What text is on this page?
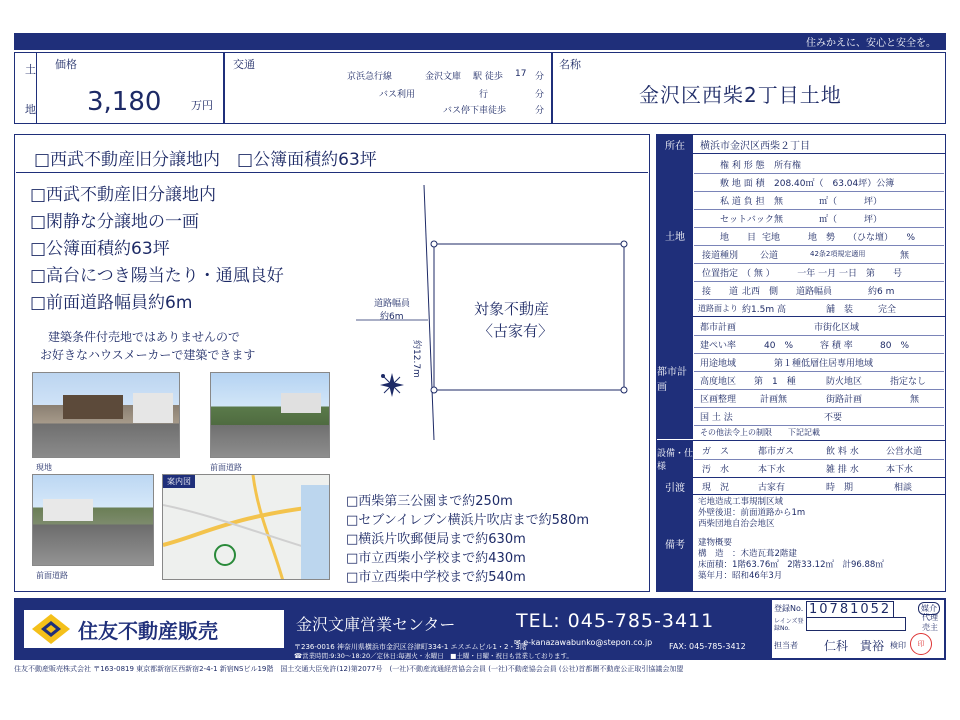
住みかえに、安心と安全を。
土
地
価格
3,180	万円
交通
京浜急行線	金沢文庫 駅 徒歩 17 分
バス利用	行	分
バス停下車徒歩	分
名称
金沢区西柴2丁目土地
□西武不動産旧分譲地内　□公簿面積約63坪
□西武不動産旧分譲地内
□閑静な分譲地の一画
□公簿面積約63坪
□高台につき陽当たり・通風良好
□前面道路幅員約6m
建築条件付売地ではありませんので
お好きなハウスメーカーで建築できます
道路幅員
約6m	対象不動産
〈古家有〉
約12.7m
現地	前面道路
前面道路
案内図
□西柴第三公園まで約250m
□セブンイレブン横浜片吹店まで約580m
□横浜片吹郵便局まで約630m
□市立西柴小学校まで約430m
□市立西柴中学校まで約540m
所在	横浜市金沢区西柴２丁目
土地
権 利 形 態	所有権
敷 地 面 積	208.40㎡（　63.04坪）公簿
私 道 負 担	無　　　　㎡（　　　坪）
セットバック 無　　　　㎡（　　　坪）
地　　目 宅地	地　勢	（ひな壇）　　%
接道種別	公道	42条2項規定適用	無
位置指定 （ 無 ）　　　一年 一月 一日　第　　号
接　　道 北西　側　　道路幅員　　　　約6 m
道路面より 約1.5m 高	舗　装	完全
都市計画
都市計画	市街化区域
建ぺい率	40　%	容 積 率	80　%
用途地域	第１種低層住居専用地域
高度地区	第　1　種	防火地区	指定なし
区画整理	計画無	街路計画	無
国 土 法	不要
その他法令上の制限	下記記載
設備・仕様
ガ　ス	都市ガス	飲 料 水	公営水道
汚　水	本下水	雑 排 水	本下水
引渡	現　況	古家有	時　期	相談
備考
宅地造成工事規制区域
外壁後退：前面道路から1m
西柴団地自治会地区
建物概要
構　造　：木造瓦葺2階建
床面積：1階63.76㎡　2階33.12㎡　計96.88㎡
築年月：昭和46年3月
住友不動産販売	金沢文庫営業センター	TEL: 045-785-3411
〒236-0016 神奈川県横浜市金沢区谷津町334-1 エスエムビル1・2・3階
☎営業時間:9:30〜18:20／定休日:毎週火・水曜日　■土曜・日曜・祝日も営業しております。
✉ e-kanazawabunko@stepon.co.jp FAX: 045-785-3412
登録No. 10781052
レインズ登録No.
担当者 仁科　貴裕 検印	印
媒介
代理
売主
住友不動産販売株式会社 〒163-0819 東京都新宿区西新宿2-4-1 新宿NSビル19階　国土交通大臣免許(12)第2077号　(一社)不動産流通経営協会会員 (一社)不動産協会会員 (公社)首都圏不動産公正取引協議会加盟
